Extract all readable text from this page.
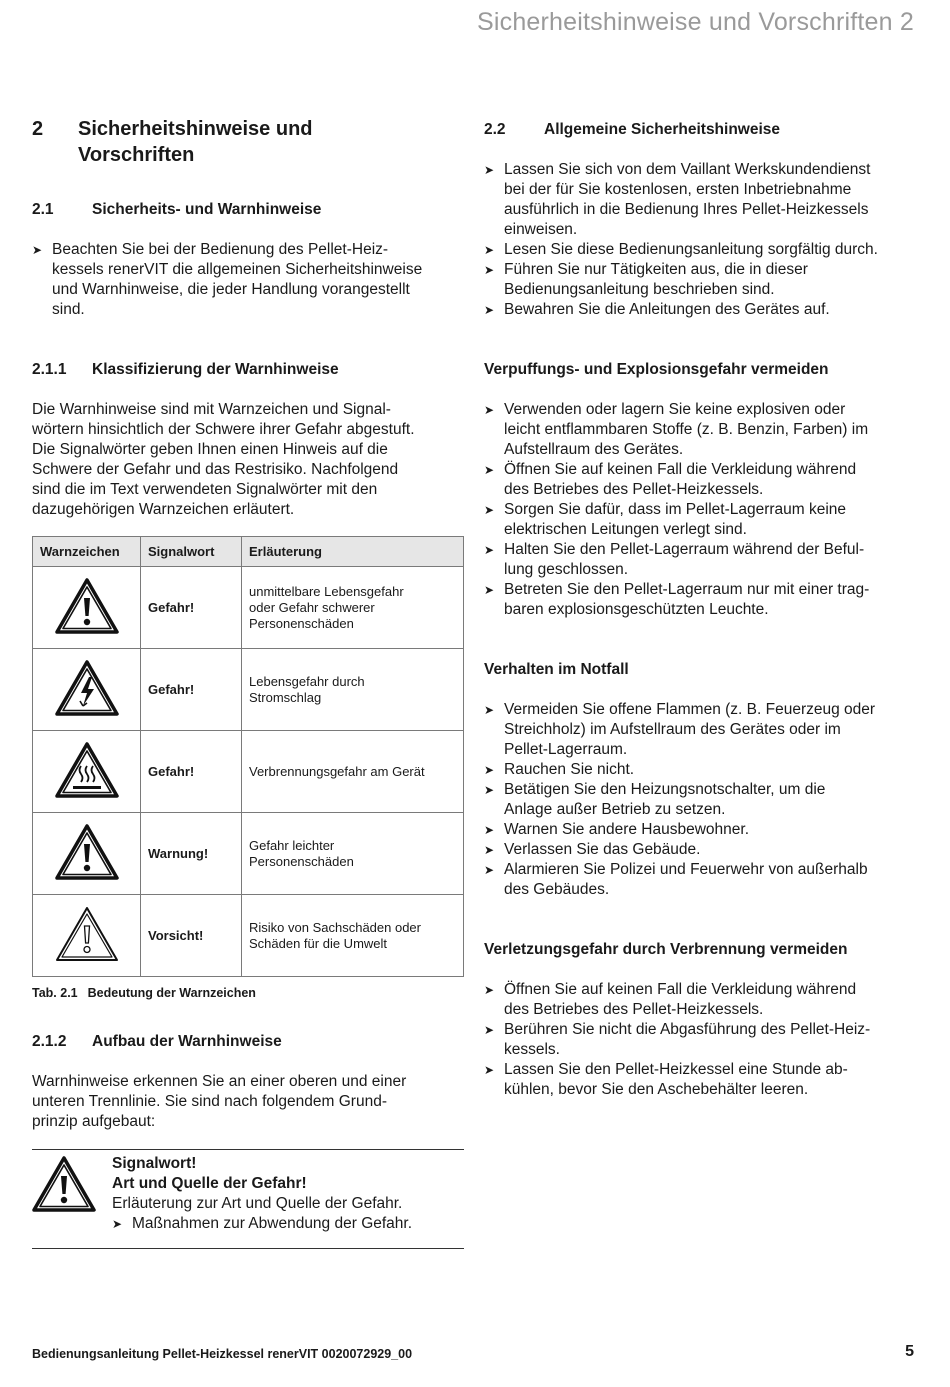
Sicherheitshinweise und Vorschriften 2
2	Sicherheitshinweise und
Vorschriften
2.1	Sicherheits- und Warnhinweise
➤ Beachten Sie bei der Bedienung des Pellet-Heiz-
kessels renerVIT die allgemeinen Sicherheitshinweise
und Warnhinweise, die jeder Handlung vorangestellt
sind.
2.1.1	Klassifizierung der Warnhinweise
Die Warnhinweise sind mit Warnzeichen und Signal-
wörtern hinsichtlich der Schwere ihrer Gefahr abgestuft.
Die Signalwörter geben Ihnen einen Hinweis auf die
Schwere der Gefahr und das Restrisiko. Nachfolgend
sind die im Text verwendeten Signalwörter mit den
dazugehörigen Warnzeichen erläutert.
Warnzeichen	Signalwort	Erläuterung
	Gefahr!	unmittelbare Lebensgefahr
oder Gefahr schwerer
Personenschäden

	Gefahr!	Lebensgefahr durch
Stromschlag

	Gefahr!	Verbrennungsgefahr am Gerät

	Warnung!	Gefahr leichter
Personenschäden

	Vorsicht!	Risiko von Sachschäden oder
Schäden für die Umwelt
Tab. 2.1 Bedeutung der Warnzeichen
2.1.2	Aufbau der Warnhinweise
Warnhinweise erkennen Sie an einer oberen und einer
unteren Trennlinie. Sie sind nach folgendem Grund-
prinzip aufgebaut:
Signalwort!
Art und Quelle der Gefahr!
Erläuterung zur Art und Quelle der Gefahr.
➤ Maßnahmen zur Abwendung der Gefahr.
2.2	Allgemeine Sicherheitshinweise
➤ Lassen Sie sich von dem Vaillant Werkskundendienst
bei der für Sie kostenlosen, ersten Inbetriebnahme
ausführlich in die Bedienung Ihres Pellet-Heizkessels
einweisen.
➤ Lesen Sie diese Bedienungsanleitung sorgfältig durch.
➤ Führen Sie nur Tätigkeiten aus, die in dieser
Bedienungsanleitung beschrieben sind.
➤ Bewahren Sie die Anleitungen des Gerätes auf.
Verpuffungs- und Explosionsgefahr vermeiden
➤ Verwenden oder lagern Sie keine explosiven oder
leicht entflammbaren Stoffe (z. B. Benzin, Farben) im
Aufstellraum des Gerätes.
➤ Öffnen Sie auf keinen Fall die Verkleidung während
des Betriebes des Pellet-Heizkessels.
➤ Sorgen Sie dafür, dass im Pellet-Lagerraum keine
elektrischen Leitungen verlegt sind.
➤ Halten Sie den Pellet-Lagerraum während der Beful-
lung geschlossen.
➤ Betreten Sie den Pellet-Lagerraum nur mit einer trag-
baren explosionsgeschützten Leuchte.
Verhalten im Notfall
➤ Vermeiden Sie offene Flammen (z. B. Feuerzeug oder
Streichholz) im Aufstellraum des Gerätes oder im
Pellet-Lagerraum.
➤ Rauchen Sie nicht.
➤ Betätigen Sie den Heizungsnotschalter, um die
Anlage außer Betrieb zu setzen.
➤ Warnen Sie andere Hausbewohner.
➤ Verlassen Sie das Gebäude.
➤ Alarmieren Sie Polizei und Feuerwehr von außerhalb
des Gebäudes.
Verletzungsgefahr durch Verbrennung vermeiden
➤ Öffnen Sie auf keinen Fall die Verkleidung während
des Betriebes des Pellet-Heizkessels.
➤ Berühren Sie nicht die Abgasführung des Pellet-Heiz-
kessels.
➤ Lassen Sie den Pellet-Heizkessel eine Stunde ab-
kühlen, bevor Sie den Aschebehälter leeren.
Bedienungsanleitung Pellet-Heizkessel renerVIT 0020072929_00	5
